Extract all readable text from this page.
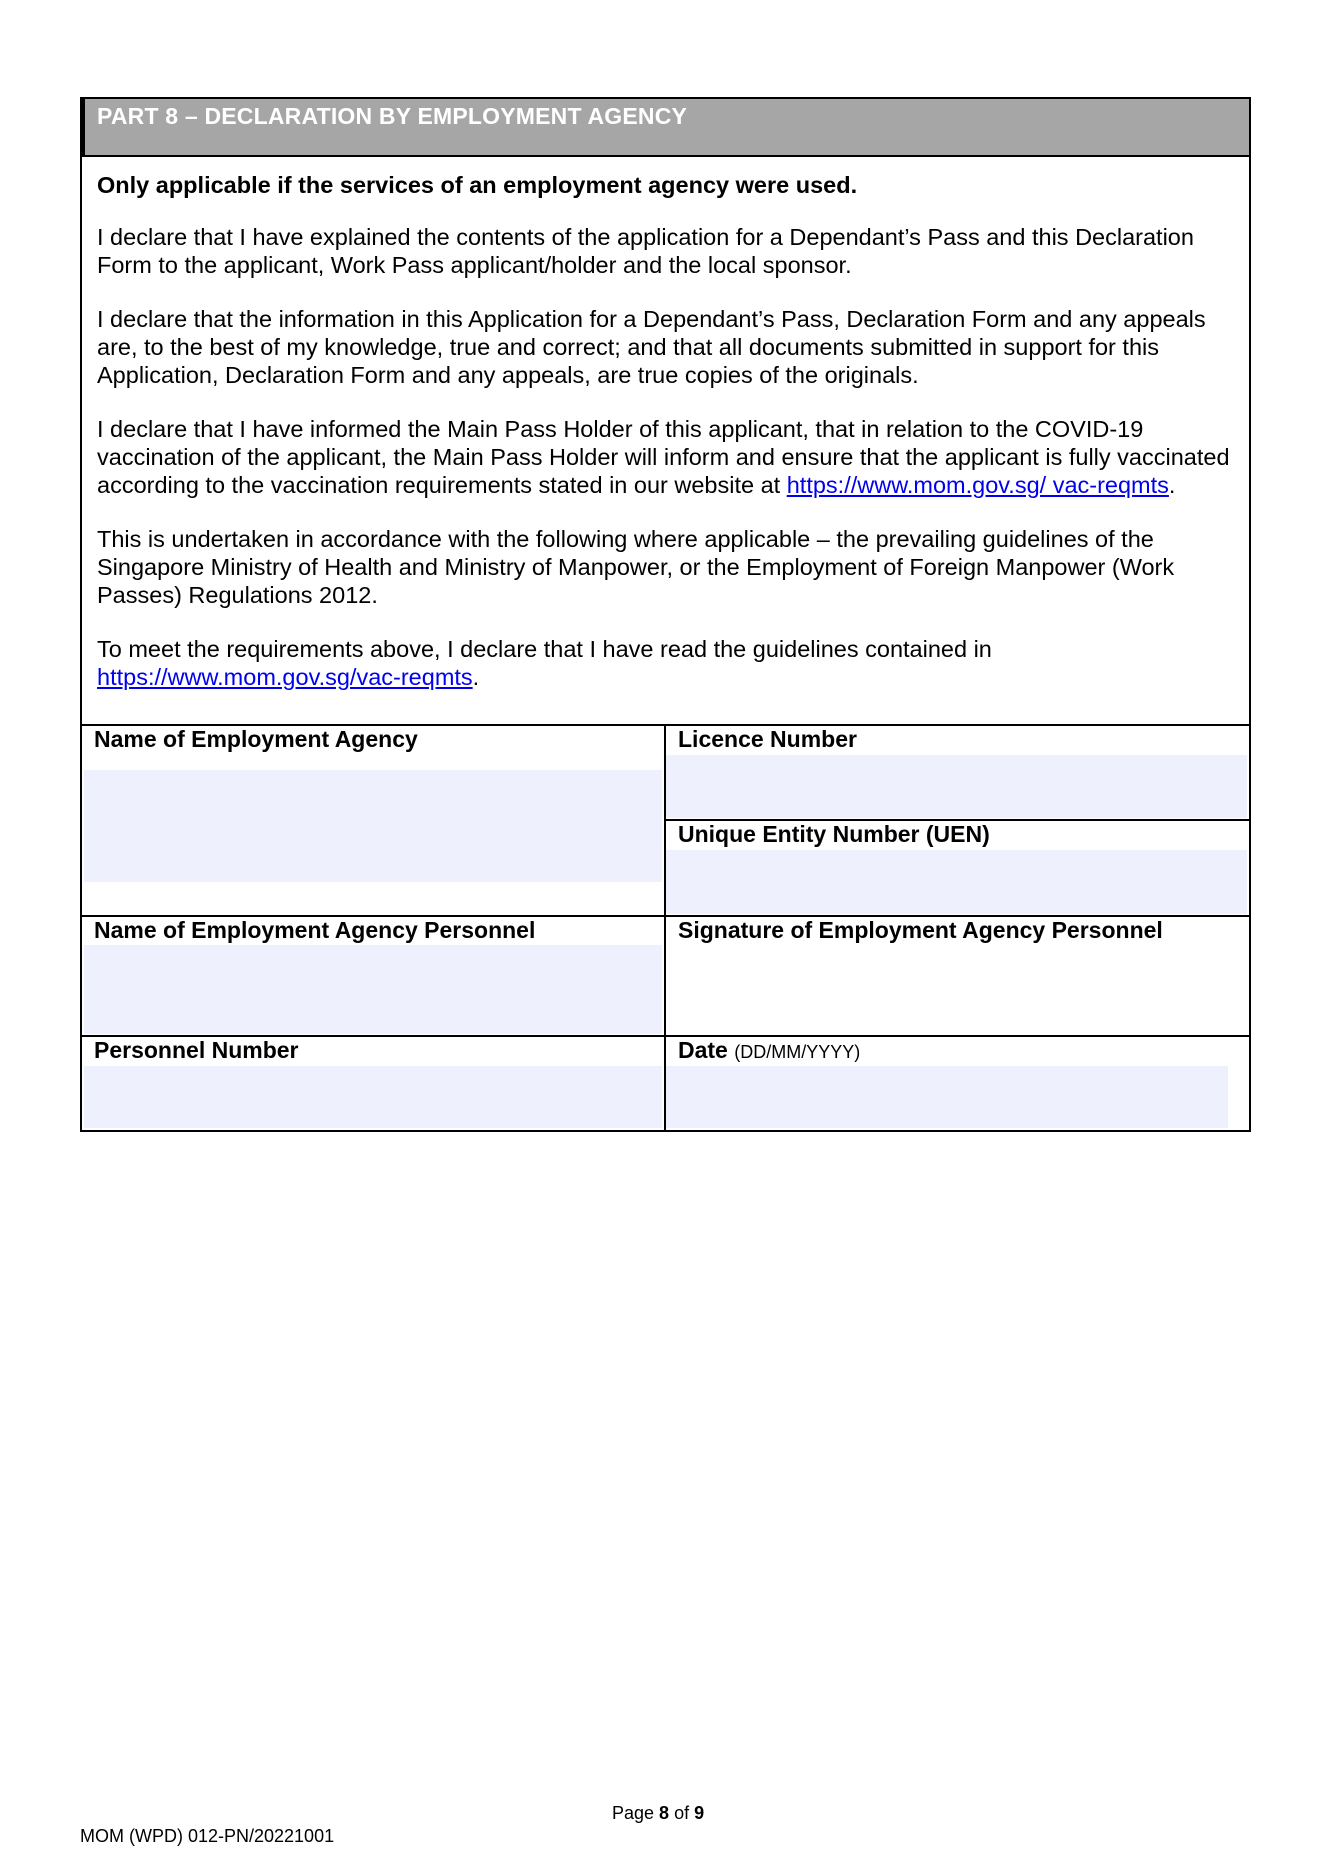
PART 8 – DECLARATION BY EMPLOYMENT AGENCY

Only applicable if the services of an employment agency were used.

I declare that I have explained the contents of the application for a Dependant’s Pass and this Declaration Form to the applicant, Work Pass applicant/holder and the local sponsor.

I declare that the information in this Application for a Dependant’s Pass, Declaration Form and any appeals are, to the best of my knowledge, true and correct; and that all documents submitted in support for this Application, Declaration Form and any appeals, are true copies of the originals.

I declare that I have informed the Main Pass Holder of this applicant, that in relation to the COVID-19 vaccination of the applicant, the Main Pass Holder will inform and ensure that the applicant is fully vaccinated according to the vaccination requirements stated in our website at https://www.mom.gov.sg/ vac-reqmts.

This is undertaken in accordance with the following where applicable – the prevailing guidelines of the Singapore Ministry of Health and Ministry of Manpower, or the Employment of Foreign Manpower (Work Passes) Regulations 2012.

To meet the requirements above, I declare that I have read the guidelines contained in https://www.mom.gov.sg/vac-reqmts.

Name of Employment Agency	Licence Number
Unique Entity Number (UEN)
Name of Employment Agency Personnel	Signature of Employment Agency Personnel
Personnel Number	Date (DD/MM/YYYY)
Page 8 of 9
MOM (WPD) 012-PN/20221001
